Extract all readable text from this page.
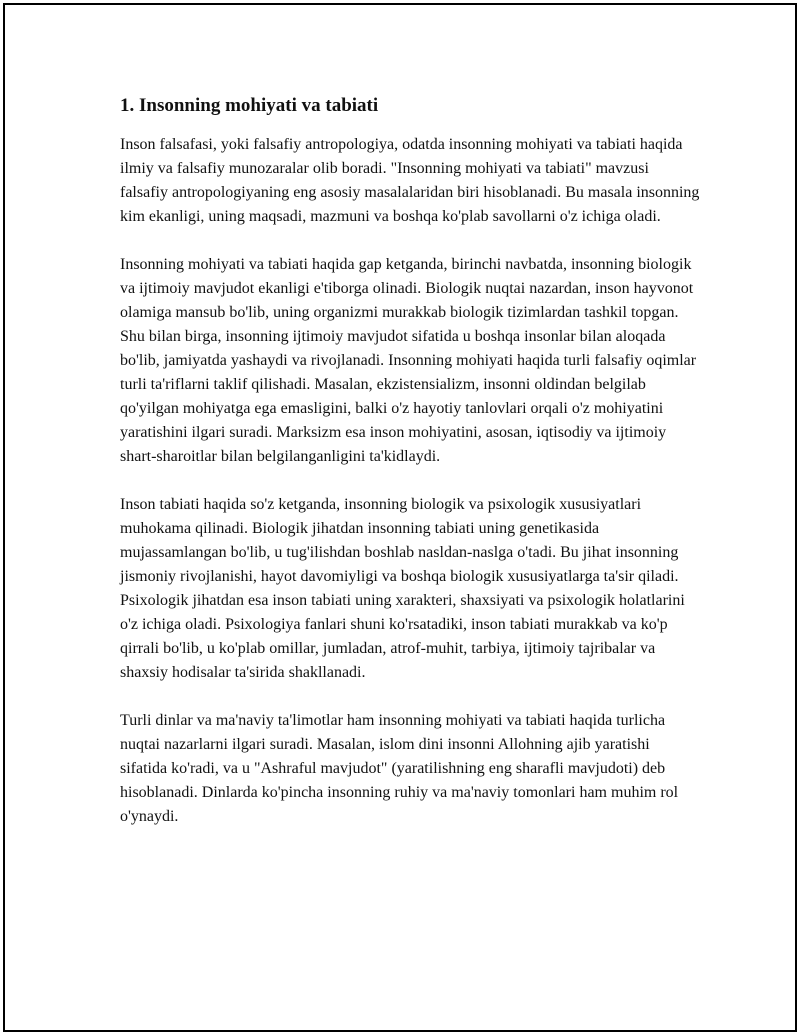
1. Insonning mohiyati va tabiati

Inson falsafasi, yoki falsafiy antropologiya, odatda insonning mohiyati va tabiati haqida ilmiy va falsafiy munozaralar olib boradi. "Insonning mohiyati va tabiati" mavzusi falsafiy antropologiyaning eng asosiy masalalaridan biri hisoblanadi. Bu masala insonning kim ekanligi, uning maqsadi, mazmuni va boshqa ko'plab savollarni o'z ichiga oladi.

Insonning mohiyati va tabiati haqida gap ketganda, birinchi navbatda, insonning biologik va ijtimoiy mavjudot ekanligi e'tiborga olinadi. Biologik nuqtai nazardan, inson hayvonot olamiga mansub bo'lib, uning organizmi murakkab biologik tizimlardan tashkil topgan. Shu bilan birga, insonning ijtimoiy mavjudot sifatida u boshqa insonlar bilan aloqada bo'lib, jamiyatda yashaydi va rivojlanadi. Insonning mohiyati haqida turli falsafiy oqimlar turli ta'riflarni taklif qilishadi. Masalan, ekzistensializm, insonni oldindan belgilab qo'yilgan mohiyatga ega emasligini, balki o'z hayotiy tanlovlari orqali o'z mohiyatini yaratishini ilgari suradi. Marksizm esa inson mohiyatini, asosan, iqtisodiy va ijtimoiy shart-sharoitlar bilan belgilanganligini ta'kidlaydi.

Inson tabiati haqida so'z ketganda, insonning biologik va psixologik xususiyatlari muhokama qilinadi. Biologik jihatdan insonning tabiati uning genetikasida mujassamlangan bo'lib, u tug'ilishdan boshlab nasldan-naslga o'tadi. Bu jihat insonning jismoniy rivojlanishi, hayot davomiyligi va boshqa biologik xususiyatlarga ta'sir qiladi. Psixologik jihatdan esa inson tabiati uning xarakteri, shaxsiyati va psixologik holatlarini o'z ichiga oladi. Psixologiya fanlari shuni ko'rsatadiki, inson tabiati murakkab va ko'p qirrali bo'lib, u ko'plab omillar, jumladan, atrof-muhit, tarbiya, ijtimoiy tajribalar va shaxsiy hodisalar ta'sirida shakllanadi.

Turli dinlar va ma'naviy ta'limotlar ham insonning mohiyati va tabiati haqida turlicha nuqtai nazarlarni ilgari suradi. Masalan, islom dini insonni Allohning ajib yaratishi sifatida ko'radi, va u "Ashraful mavjudot" (yaratilishning eng sharafli mavjudoti) deb hisoblanadi. Dinlarda ko'pincha insonning ruhiy va ma'naviy tomonlari ham muhim rol o'ynaydi.
